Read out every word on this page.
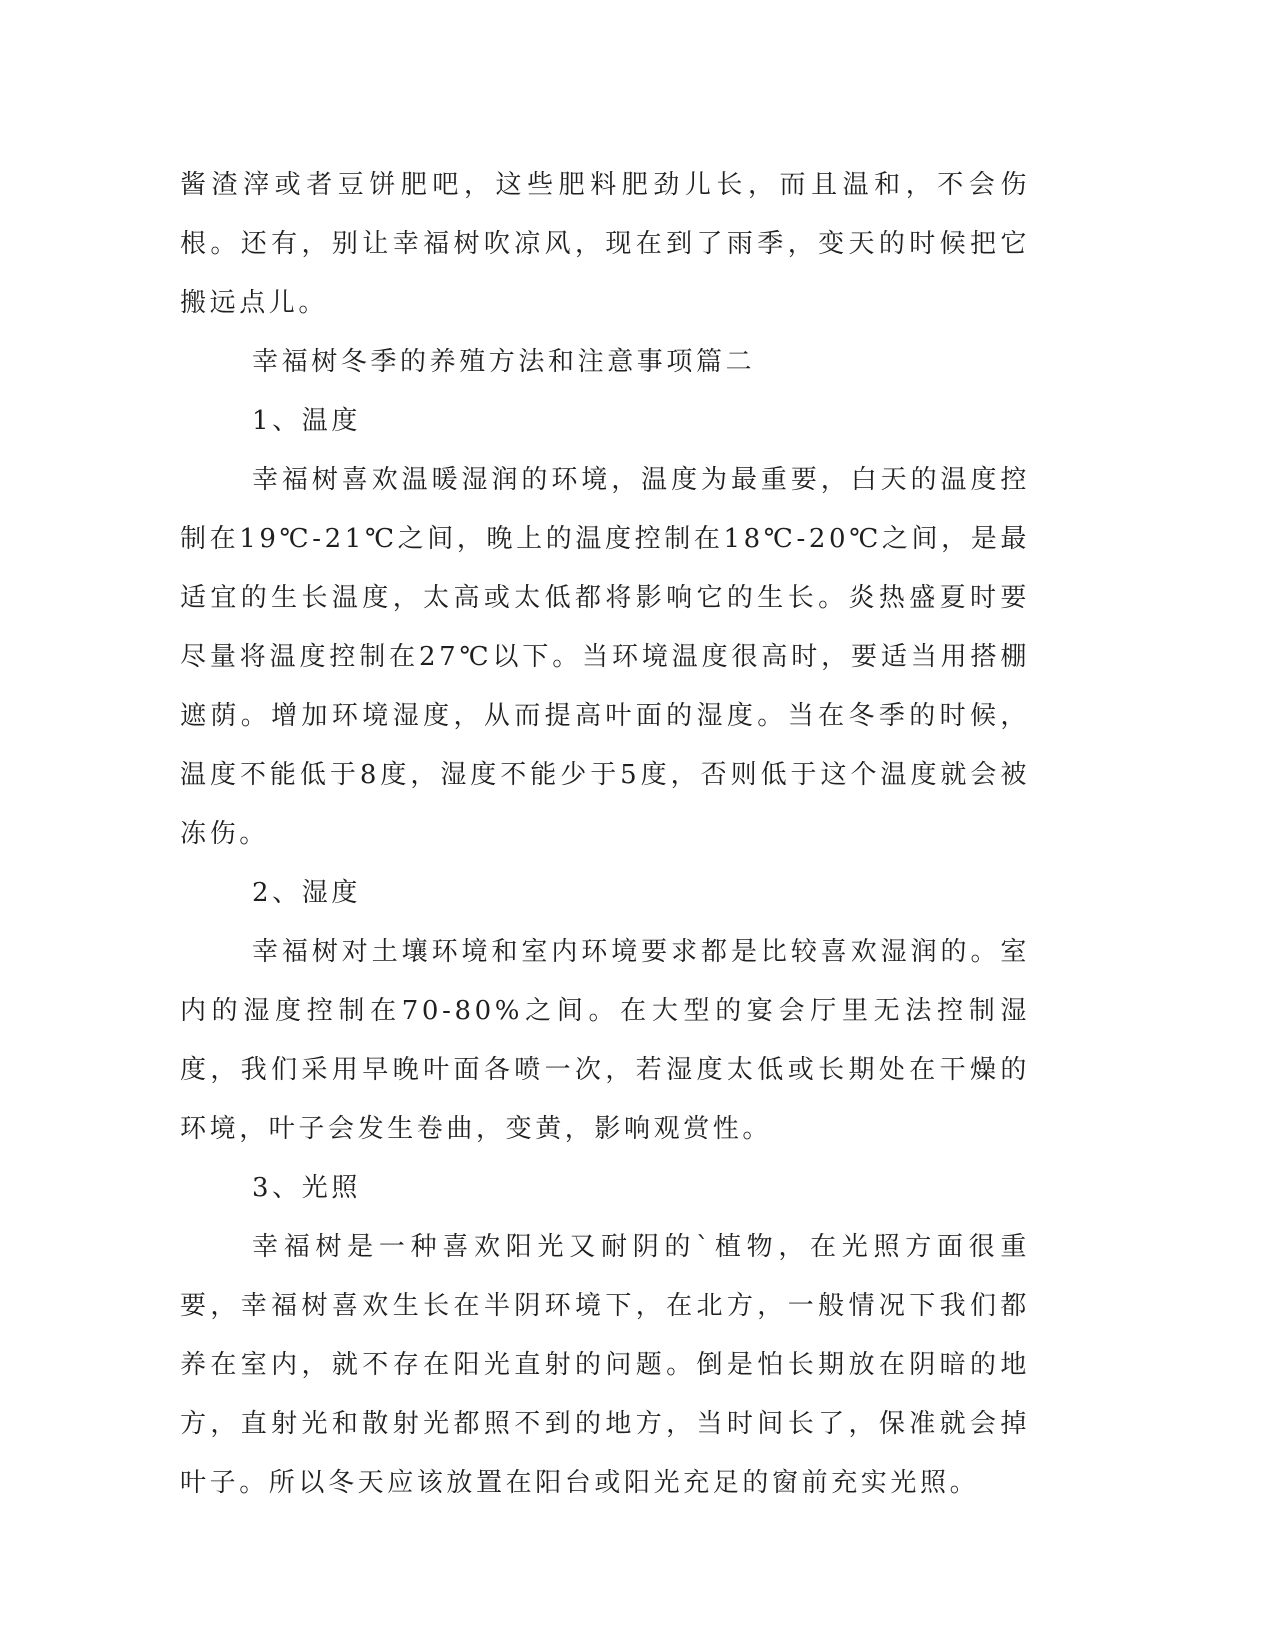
酱渣滓或者豆饼肥吧，这些肥料肥劲儿长，而且温和，不会伤根。还有，别让幸福树吹凉风，现在到了雨季，变天的时候把它搬远点儿。

幸福树冬季的养殖方法和注意事项篇二

1、温度

幸福树喜欢温暖湿润的环境，温度为最重要，白天的温度控制在19℃-21℃之间，晚上的温度控制在18℃-20℃之间，是最适宜的生长温度，太高或太低都将影响它的生长。炎热盛夏时要尽量将温度控制在27℃以下。当环境温度很高时，要适当用搭棚遮荫。增加环境湿度，从而提高叶面的湿度。当在冬季的时候，温度不能低于8度，湿度不能少于5度，否则低于这个温度就会被冻伤。

2、湿度

幸福树对土壤环境和室内环境要求都是比较喜欢湿润的。室内的湿度控制在70-80%之间。在大型的宴会厅里无法控制湿度，我们采用早晚叶面各喷一次，若湿度太低或长期处在干燥的环境，叶子会发生卷曲，变黄，影响观赏性。

3、光照

幸福树是一种喜欢阳光又耐阴的`植物，在光照方面很重要，幸福树喜欢生长在半阴环境下，在北方，一般情况下我们都养在室内，就不存在阳光直射的问题。倒是怕长期放在阴暗的地方，直射光和散射光都照不到的地方，当时间长了，保准就会掉叶子。所以冬天应该放置在阳台或阳光充足的窗前充实光照。
